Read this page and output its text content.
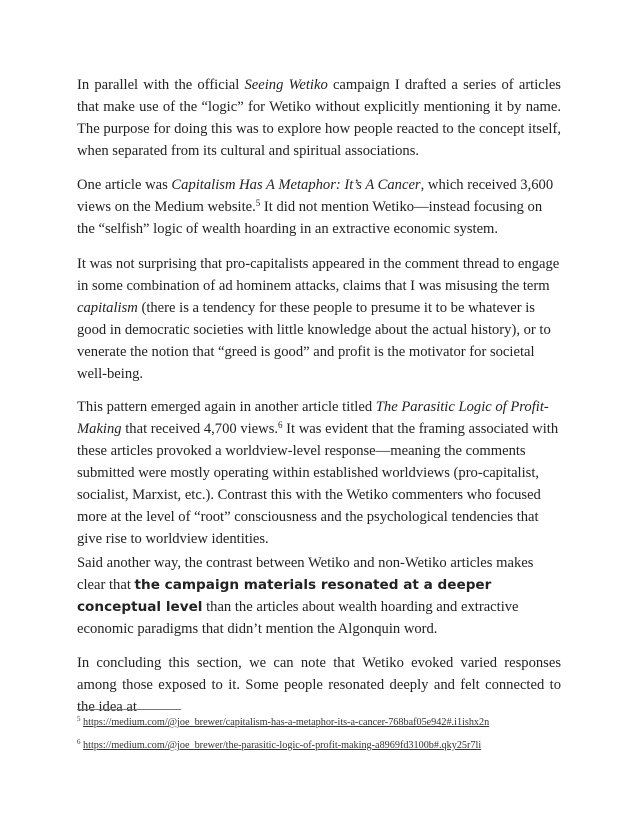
In parallel with the official Seeing Wetiko campaign I drafted a series of articles that make use of the “logic” for Wetiko without explicitly mentioning it by name. The purpose for doing this was to explore how people reacted to the concept itself, when separated from its cultural and spiritual associations.

One article was Capitalism Has A Metaphor: It’s A Cancer, which received 3,600 views on the Medium website.$^5$ It did not mention Wetiko—instead focusing on the “selfish” logic of wealth hoarding in an extractive economic system.

It was not surprising that pro-capitalists appeared in the comment thread to engage in some combination of ad hominem attacks, claims that I was misusing the term capitalism (there is a tendency for these people to presume it to be whatever is good in democratic societies with little knowledge about the actual history), or to venerate the notion that “greed is good” and profit is the motivator for societal well-being.

This pattern emerged again in another article titled The Parasitic Logic of Profit-Making that received 4,700 views.$^6$ It was evident that the framing associated with these articles provoked a worldview-level response—meaning the comments submitted were mostly operating within established worldviews (pro-capitalist, socialist, Marxist, etc.). Contrast this with the Wetiko commenters who focused more at the level of “root” consciousness and the psychological tendencies that give rise to worldview identities.

Said another way, the contrast between Wetiko and non-Wetiko articles makes clear that the campaign materials resonated at a deeper conceptual level than the articles about wealth hoarding and extractive economic paradigms that didn’t mention the Algonquin word.

In concluding this section, we can note that Wetiko evoked varied responses among those exposed to it. Some people resonated deeply and felt connected to the idea at

$^5$ https://medium.com/@joe_brewer/capitalism-has-a-metaphor-its-a-cancer-768baf05e942#.i1ishx2n
$^6$ https://medium.com/@joe_brewer/the-parasitic-logic-of-profit-making-a8969fd3100b#.qky25r7li
